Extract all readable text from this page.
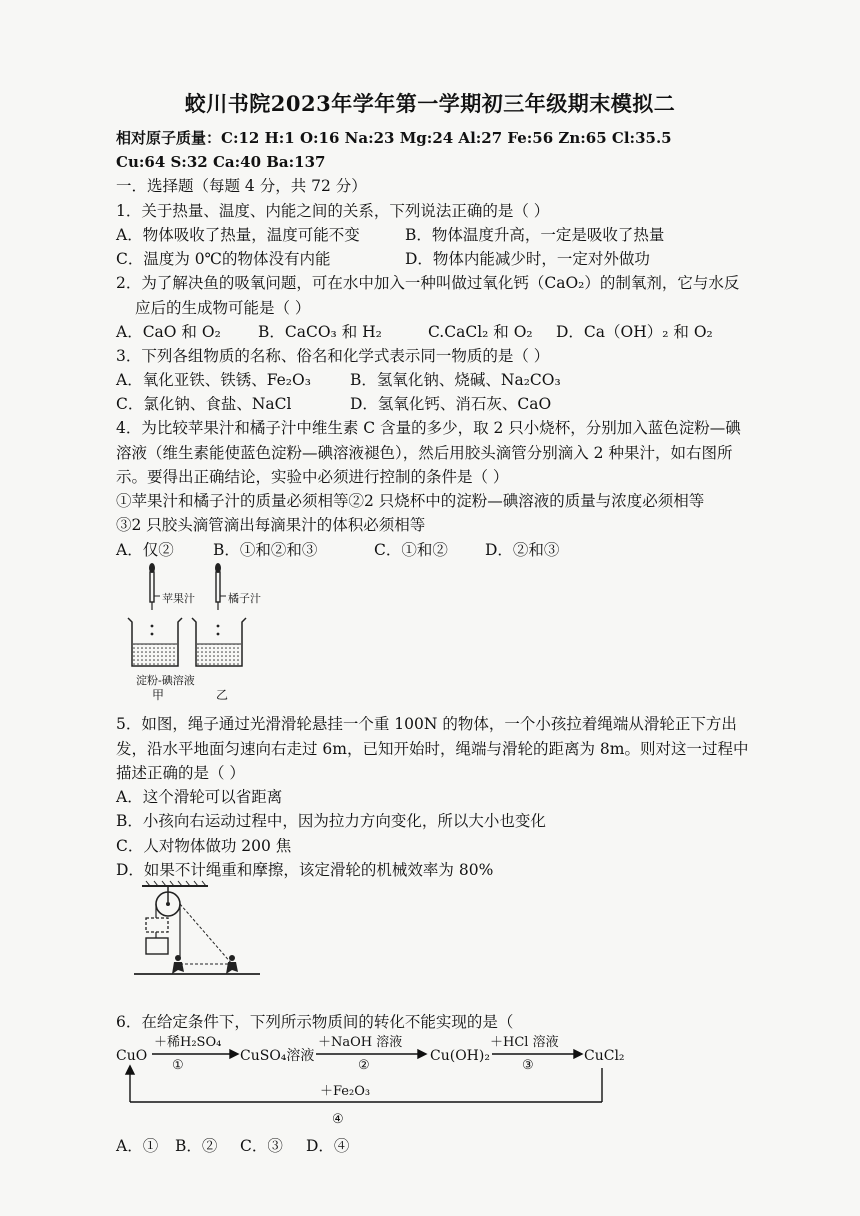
蛟川书院2023年学年第一学期初三年级期末模拟二
相对原子质量：C:12 H:1 O:16 Na:23 Mg:24 Al:27 Fe:56 Zn:65 Cl:35.5
Cu:64 S:32 Ca:40 Ba:137
一．选择题（每题 4 分，共 72 分）
1．关于热量、温度、内能之间的关系，下列说法正确的是（ ）
A．物体吸收了热量，温度可能不变	B．物体温度升高，一定是吸收了热量
C．温度为 0℃的物体没有内能	D．物体内能减少时，一定对外做功
2．为了解决鱼的吸氧问题，可在水中加入一种叫做过氧化钙（CaO₂）的制氧剂，它与水反
应后的生成物可能是（ ）
A．CaO 和 O₂ B．CaCO₃ 和 H₂	C.CaCl₂ 和 O₂ D．Ca（OH）₂ 和 O₂
3．下列各组物质的名称、俗名和化学式表示同一物质的是（ ）
A．氧化亚铁、铁锈、Fe₂O₃	B．氢氧化钠、烧碱、Na₂CO₃
C．氯化钠、食盐、NaCl	D．氢氧化钙、消石灰、CaO
4．为比较苹果汁和橘子汁中维生素 C 含量的多少，取 2 只小烧杯，分别加入蓝色淀粉—碘
溶液（维生素能使蓝色淀粉—碘溶液褪色），然后用胶头滴管分别滴入 2 种果汁，如右图所
示。要得出正确结论，实验中必须进行控制的条件是（ ）
①苹果汁和橘子汁的质量必须相等②2 只烧杯中的淀粉—碘溶液的质量与浓度必须相等
③2 只胶头滴管滴出每滴果汁的体积必须相等
A．仅②	B．①和②和③	C．①和② D．②和③
苹果汁	橘子汁
淀粉-碘溶液
甲	乙
5．如图，绳子通过光滑滑轮悬挂一个重 100N 的物体，一个小孩拉着绳端从滑轮正下方出
发，沿水平地面匀速向右走过 6m，已知开始时，绳端与滑轮的距离为 8m。则对这一过程中
描述正确的是（ ）
A．这个滑轮可以省距离
B．小孩向右运动过程中，因为拉力方向变化，所以大小也变化
C．人对物体做功 200 焦
D．如果不计绳重和摩擦，该定滑轮的机械效率为 80%
6．在给定条件下，下列所示物质间的转化不能实现的是（
CuO
＋稀H₂SO₄
①
CuSO₄溶液
＋NaOH 溶液
②
Cu(OH)₂
＋HCl 溶液
③
CuCl₂
＋Fe₂O₃
④
A．① B．② C．③ D．④
